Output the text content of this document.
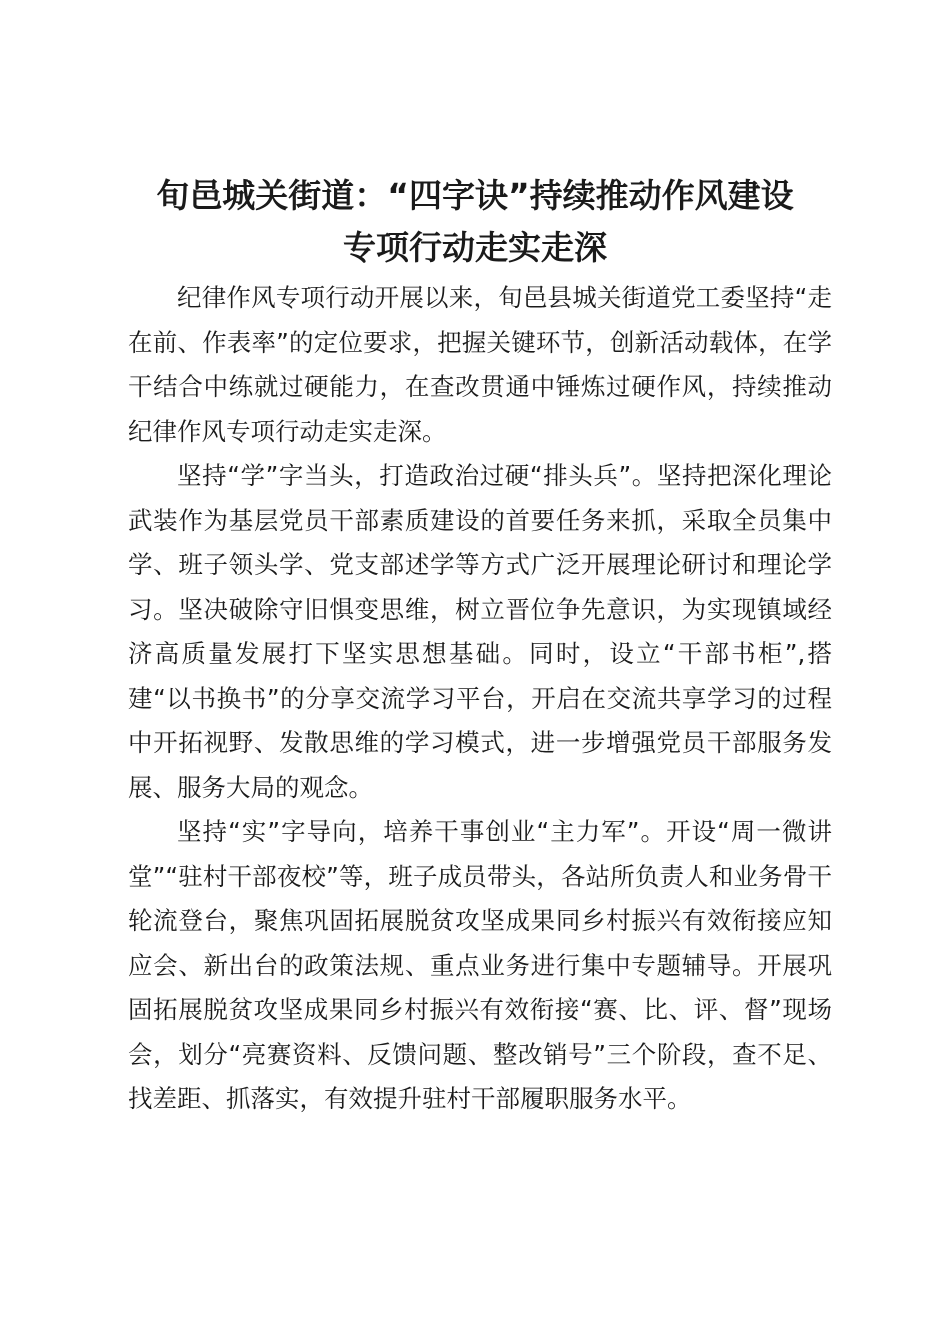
旬邑城关街道：“四字诀”持续推动作风建设
专项行动走实走深

纪律作风专项行动开展以来，旬邑县城关街道党工委坚持“走在前、作表率”的定位要求，把握关键环节，创新活动载体，在学干结合中练就过硬能力，在查改贯通中锤炼过硬作风，持续推动纪律作风专项行动走实走深。

坚持“学”字当头，打造政治过硬“排头兵”。坚持把深化理论武装作为基层党员干部素质建设的首要任务来抓，采取全员集中学、班子领头学、党支部述学等方式广泛开展理论研讨和理论学习。坚决破除守旧惧变思维，树立晋位争先意识，为实现镇域经济高质量发展打下坚实思想基础。同时，设立“干部书柜”,搭建“以书换书”的分享交流学习平台，开启在交流共享学习的过程中开拓视野、发散思维的学习模式，进一步增强党员干部服务发展、服务大局的观念。

坚持“实”字导向，培养干事创业“主力军”。开设“周一微讲堂”“驻村干部夜校”等，班子成员带头，各站所负责人和业务骨干轮流登台，聚焦巩固拓展脱贫攻坚成果同乡村振兴有效衔接应知应会、新出台的政策法规、重点业务进行集中专题辅导。开展巩固拓展脱贫攻坚成果同乡村振兴有效衔接“赛、比、评、督”现场会，划分“亮赛资料、反馈问题、整改销号”三个阶段，查不足、找差距、抓落实，有效提升驻村干部履职服务水平。
